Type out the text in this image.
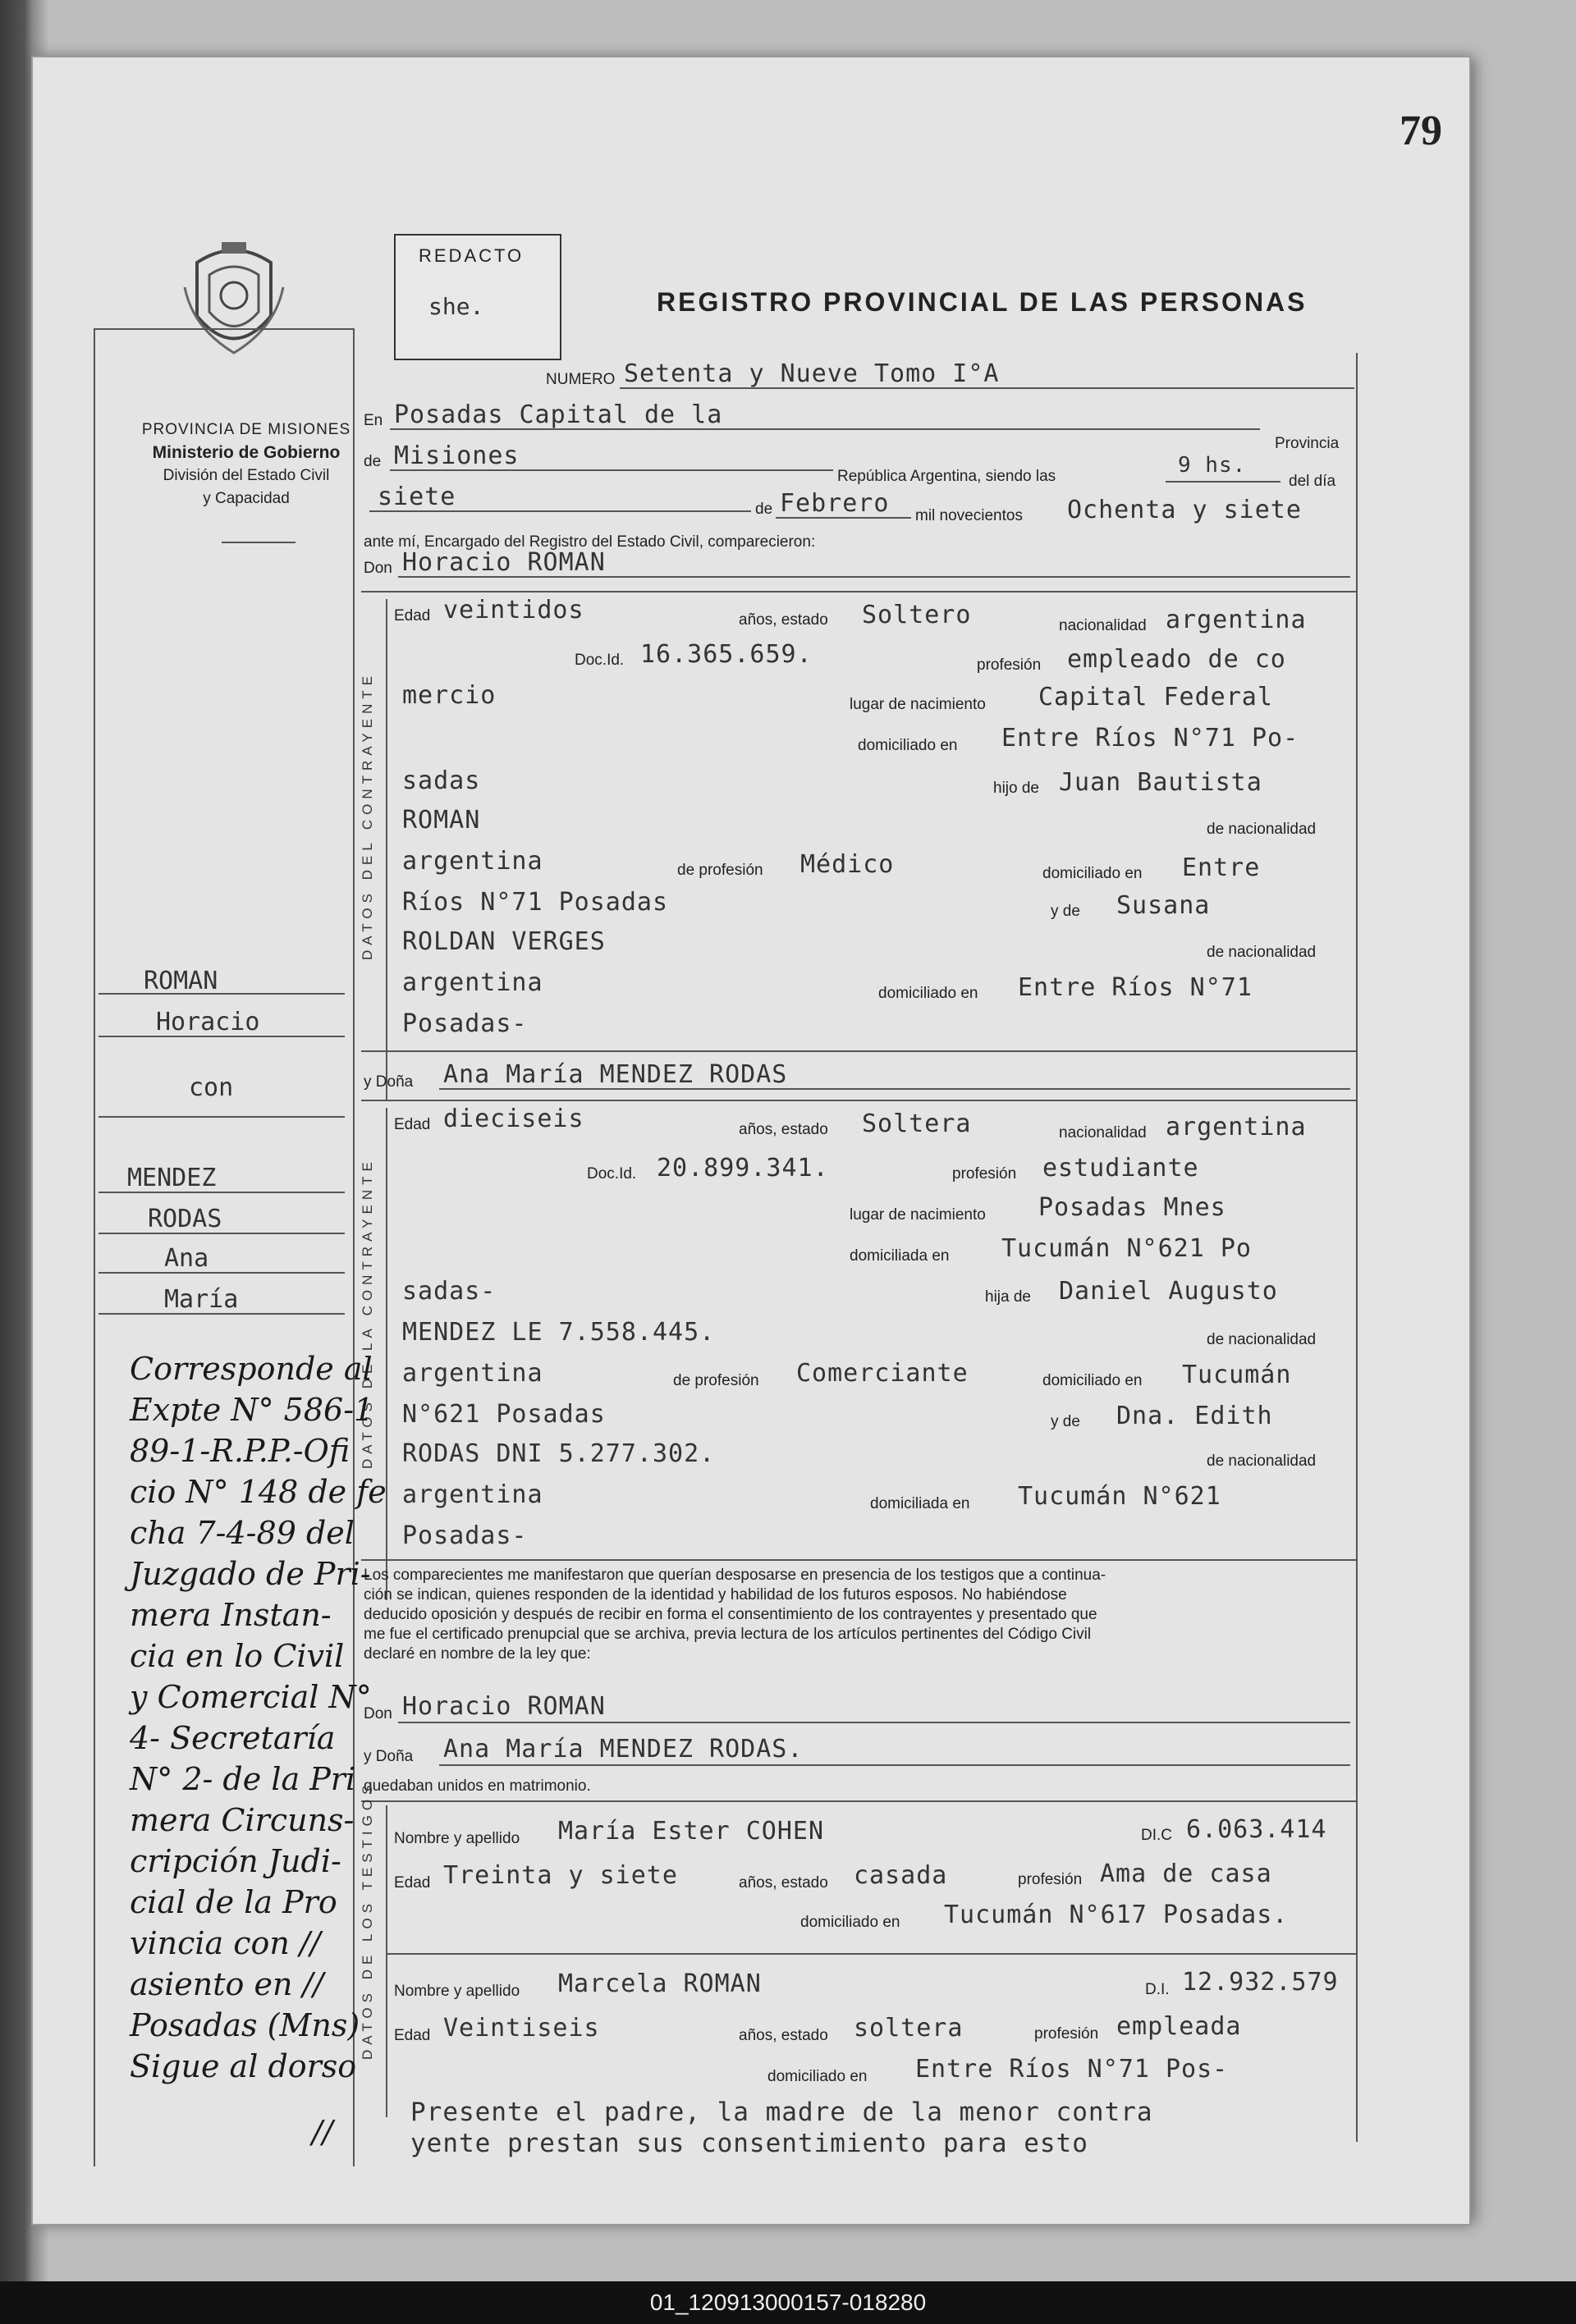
79
PROVINCIA DE MISIONES
Ministerio de Gobierno
División del Estado Civil
y Capacidad
REDACTO
she.	REGISTRO PROVINCIAL DE LAS PERSONAS
NUMERO Setenta y Nueve Tomo I°A
En Posadas Capital de la
Provincia
de Misiones
República Argentina, siendo las	9 hs.
del día
siete	de Febrero mil novecientos Ochenta y siete
ante mí, Encargado del Registro del Estado Civil, comparecieron:
Don Horacio ROMAN
DATOS DEL CONTRAYENTE
Edad veintidos	años, estado Soltero	nacionalidad argentina
Doc.Id. 16.365.659.	profesión empleado de co
mercio	lugar de nacimiento Capital Federal
domiciliado en Entre Ríos N°71 Po-
sadas	hijo de Juan Bautista
ROMAN	de nacionalidad
argentina	de profesión Médico	domiciliado en Entre
Ríos N°71 Posadas	y de Susana
ROLDAN VERGES	de nacionalidad
argentina	domiciliado en Entre Ríos N°71
Posadas-
y Doña Ana María MENDEZ RODAS
DATOS DE LA CONTRAYENTE
Edad dieciseis	años, estado Soltera	nacionalidad argentina
Doc.Id. 20.899.341.	profesión estudiante
lugar de nacimiento Posadas Mnes
domiciliada en Tucumán N°621 Po
sadas-	hija de Daniel Augusto
MENDEZ LE 7.558.445.	de nacionalidad
argentina	de profesión Comerciante	domiciliado en Tucumán
N°621 Posadas	y de Dna. Edith
RODAS DNI 5.277.302.	de nacionalidad
argentina	domiciliada en Tucumán N°621
Posadas-
Los comparecientes me manifestaron que querían desposarse en presencia de los testigos que a continua-
ción se indican, quienes responden de la identidad y habilidad de los futuros esposos. No habiéndose
deducido oposición y después de recibir en forma el consentimiento de los contrayentes y presentado que
me fue el certificado prenupcial que se archiva, previa lectura de los artículos pertinentes del Código Civil
declaré en nombre de la ley que:
Don Horacio ROMAN
y Doña Ana María MENDEZ RODAS.
quedaban unidos en matrimonio.
DATOS DE LOS TESTIGOS Nombre y apellido María Ester COHEN	DI.C 6.063.414
Edad Treinta y siete	años, estado casada	profesión Ama de casa
domiciliado en Tucumán N°617 Posadas.
Nombre y apellido Marcela ROMAN	D.I. 12.932.579
Edad Veintiseis	años, estado soltera	profesión empleada
domiciliado en Entre Ríos N°71 Pos-
Presente el padre, la madre de la menor contra
yente prestan sus consentimiento para esto
ROMAN
Horacio
con
MENDEZ
RODAS
Ana
María
Corresponde al
Expte N° 586-1
89-1-R.P.P.-Ofi
cio N° 148 de fe
cha 7-4-89 del
Juzgado de Pri-
mera Instan-
cia en lo Civil
y Comercial N°
4- Secretaría
N° 2- de la Pri
mera Circuns-
cripción Judi-
cial de la Pro
vincia con //
asiento en //
Posadas (Mns)
Sigue al dorso
//
01_120913000157-018280
